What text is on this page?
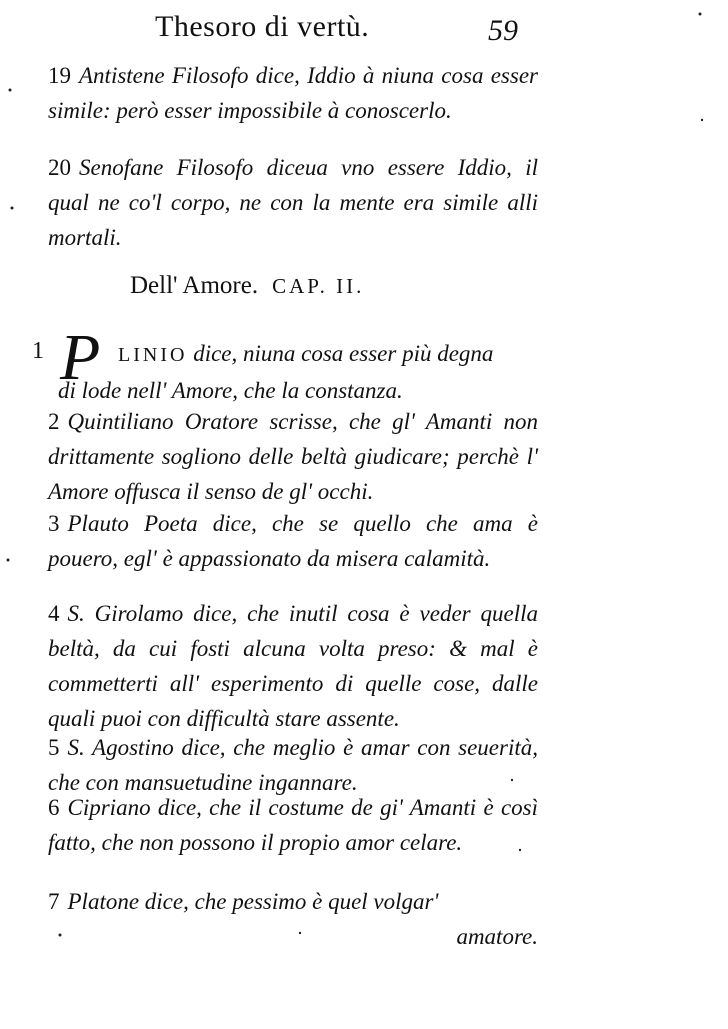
Thesoro di vertù.	59
19 Antistene Filosofo dice, Iddio à niuna cosa esser simile: però esser impossibile à conoscerlo.
20 Senofane Filosofo diceua vno essere Iddio, il qual ne co'l corpo, ne con la mente era simile alli mortali.
Dell' Amore. CAP. II.
1 P LINIO dice, niuna cosa esser più degna
di lode nell' Amore, che la constanza.
2 Quintiliano Oratore scrisse, che gl' Amanti non drittamente sogliono delle beltà giudicare; perchè l' Amore offusca il senso de gl' occhi.
3 Plauto Poeta dice, che se quello che ama è pouero, egl' è appassionato da misera calamità.
4 S. Girolamo dice, che inutil cosa è veder quella beltà, da cui fosti alcuna volta preso: & mal è commetterti all' esperimento di quelle cose, dalle quali puoi con difficultà stare assente.
5 S. Agostino dice, che meglio è amar con seuerità, che con mansuetudine ingannare.
6 Cipriano dice, che il costume de gi' Amanti è così fatto, che non possono il propio amor celare.
7 Platone dice, che pessimo è quel volgar'
amatore.
